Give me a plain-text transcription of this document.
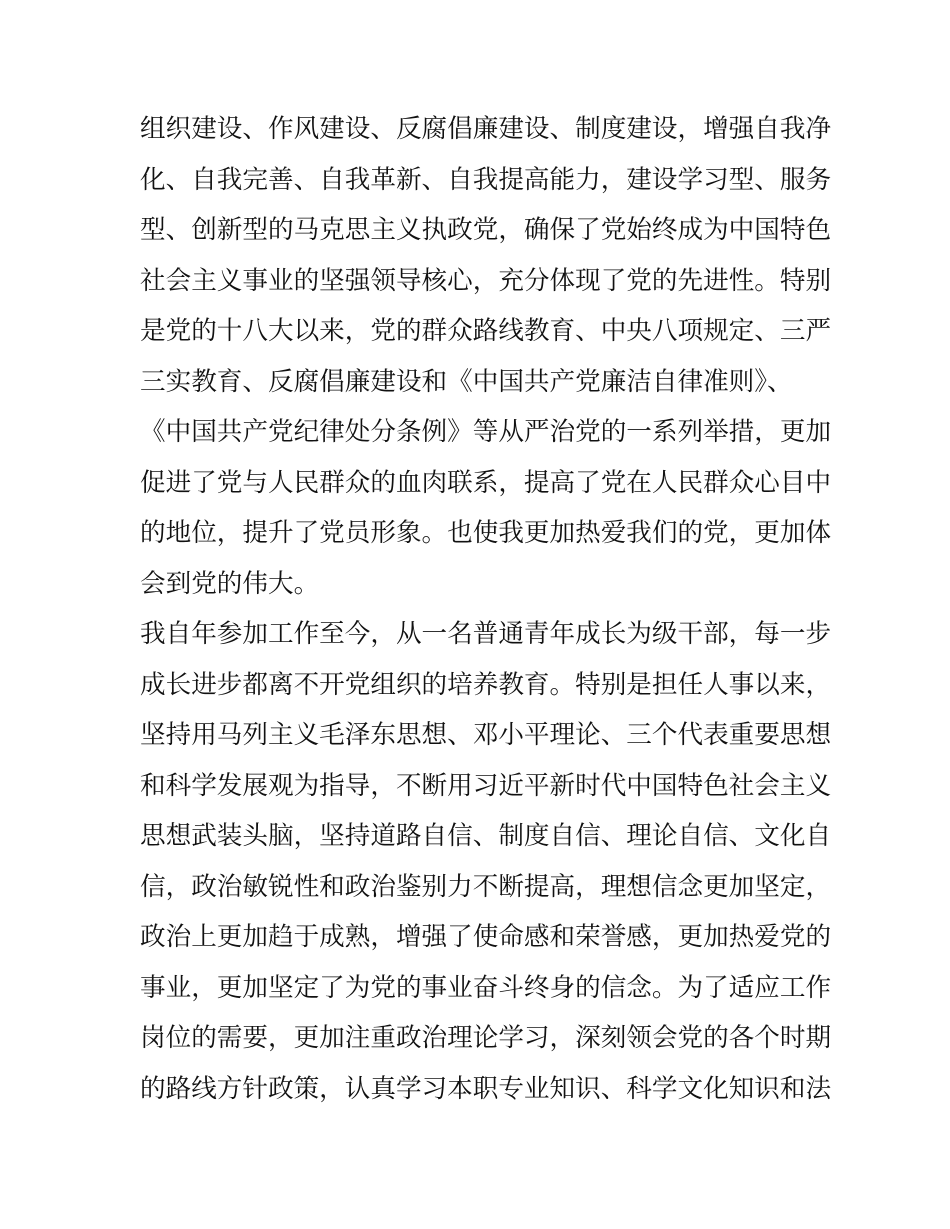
组织建设、作风建设、反腐倡廉建设、制度建设，增强自我净
化、自我完善、自我革新、自我提高能力，建设学习型、服务
型、创新型的马克思主义执政党，确保了党始终成为中国特色
社会主义事业的坚强领导核心，充分体现了党的先进性。特别
是党的十八大以来，党的群众路线教育、中央八项规定、三严
三实教育、反腐倡廉建设和《中国共产党廉洁自律准则》、
《中国共产党纪律处分条例》等从严治党的一系列举措，更加
促进了党与人民群众的血肉联系，提高了党在人民群众心目中
的地位，提升了党员形象。也使我更加热爱我们的党，更加体
会到党的伟大。
我自年参加工作至今，从一名普通青年成长为级干部，每一步
成长进步都离不开党组织的培养教育。特别是担任人事以来，
坚持用马列主义毛泽东思想、邓小平理论、三个代表重要思想
和科学发展观为指导，不断用习近平新时代中国特色社会主义
思想武装头脑，坚持道路自信、制度自信、理论自信、文化自
信，政治敏锐性和政治鉴别力不断提高，理想信念更加坚定，
政治上更加趋于成熟，增强了使命感和荣誉感，更加热爱党的
事业，更加坚定了为党的事业奋斗终身的信念。为了适应工作
岗位的需要，更加注重政治理论学习，深刻领会党的各个时期
的路线方针政策，认真学习本职专业知识、科学文化知识和法
